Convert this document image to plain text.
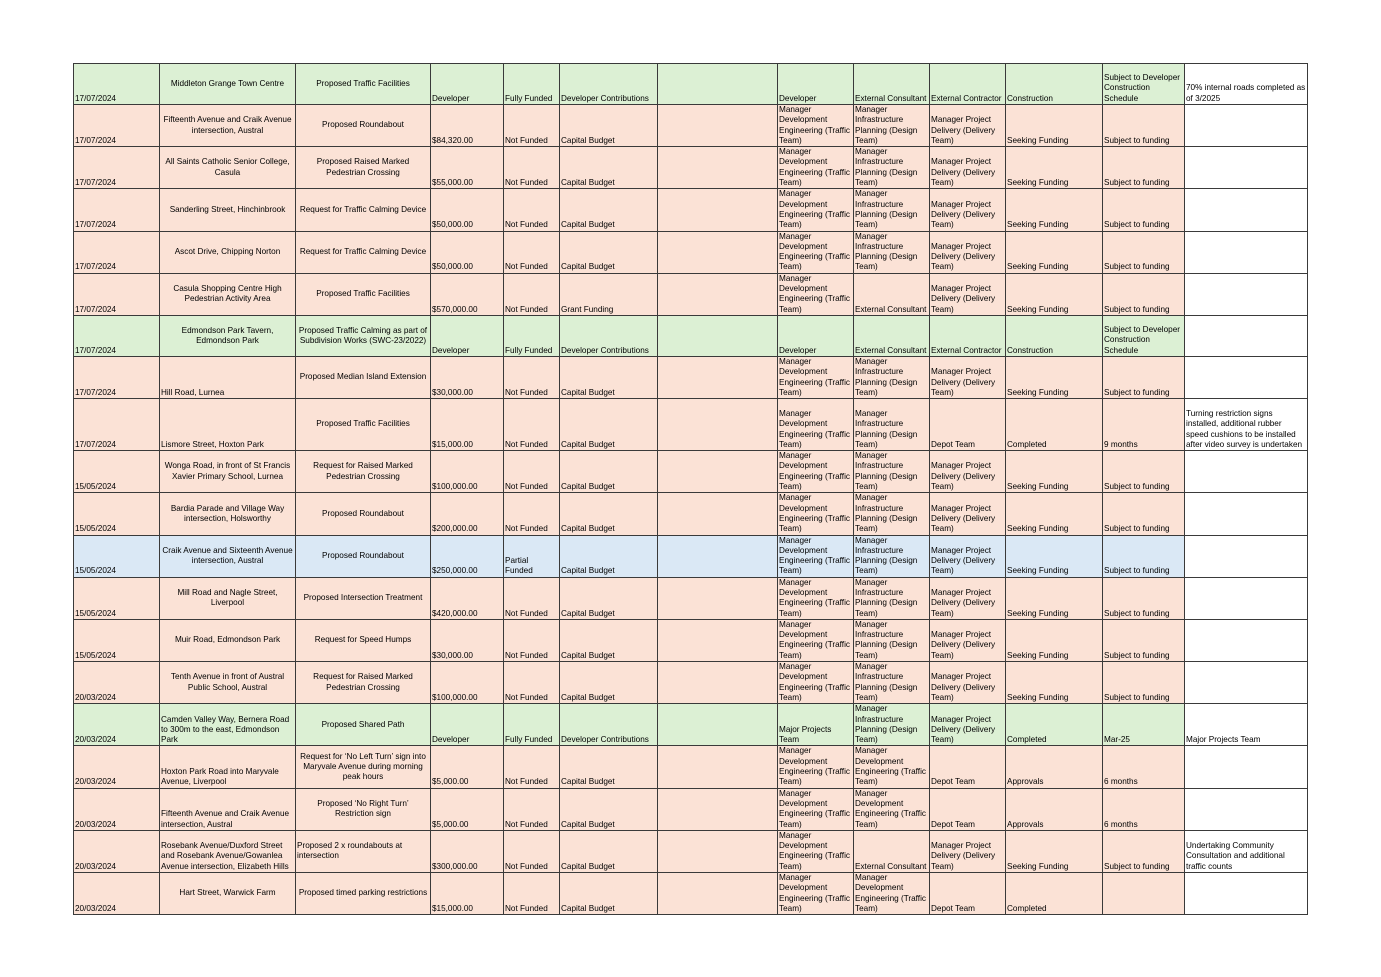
17/07/2024	Middleton Grange Town Centre	Proposed Traffic Facilities	Developer	Fully Funded	Developer Contributions		Developer	External Consultant	External Contractor	Construction	Subject to Developer Construction Schedule	70% internal roads completed as of 3/2025
17/07/2024	Fifteenth Avenue and Craik Avenue intersection, Austral	Proposed Roundabout	$84,320.00	Not Funded	Capital Budget		Manager Development Engineering (Traffic Team)	Manager Infrastructure Planning (Design Team)	Manager Project Delivery (Delivery Team)	Seeking Funding	Subject to funding	
17/07/2024	All Saints Catholic Senior College, Casula	Proposed Raised Marked Pedestrian Crossing	$55,000.00	Not Funded	Capital Budget		Manager Development Engineering (Traffic Team)	Manager Infrastructure Planning (Design Team)	Manager Project Delivery (Delivery Team)	Seeking Funding	Subject to funding	
17/07/2024	Sanderling Street, Hinchinbrook	Request for Traffic Calming Device	$50,000.00	Not Funded	Capital Budget		Manager Development Engineering (Traffic Team)	Manager Infrastructure Planning (Design Team)	Manager Project Delivery (Delivery Team)	Seeking Funding	Subject to funding	
17/07/2024	Ascot Drive, Chipping Norton	Request for Traffic Calming Device	$50,000.00	Not Funded	Capital Budget		Manager Development Engineering (Traffic Team)	Manager Infrastructure Planning (Design Team)	Manager Project Delivery (Delivery Team)	Seeking Funding	Subject to funding	
17/07/2024	Casula Shopping Centre High Pedestrian Activity Area	Proposed Traffic Facilities	$570,000.00	Not Funded	Grant Funding		Manager Development Engineering (Traffic Team)	External Consultant	Manager Project Delivery (Delivery Team)	Seeking Funding	Subject to funding	
17/07/2024	Edmondson Park Tavern, Edmondson Park	Proposed Traffic Calming as part of Subdivision Works (SWC-23/2022)	Developer	Fully Funded	Developer Contributions		Developer	External Consultant	External Contractor	Construction	Subject to Developer Construction Schedule	
17/07/2024	Hill Road, Lurnea	Proposed Median Island Extension	$30,000.00	Not Funded	Capital Budget		Manager Development Engineering (Traffic Team)	Manager Infrastructure Planning (Design Team)	Manager Project Delivery (Delivery Team)	Seeking Funding	Subject to funding	
17/07/2024	Lismore Street, Hoxton Park	Proposed Traffic Facilities	$15,000.00	Not Funded	Capital Budget		Manager Development Engineering (Traffic Team)	Manager Infrastructure Planning (Design Team)	Depot Team	Completed	9 months	Turning restriction signs installed, additional rubber speed cushions to be installed after video survey is undertaken
15/05/2024	Wonga Road, in front of St Francis Xavier Primary School, Lurnea	Request for Raised Marked Pedestrian Crossing	$100,000.00	Not Funded	Capital Budget		Manager Development Engineering (Traffic Team)	Manager Infrastructure Planning (Design Team)	Manager Project Delivery (Delivery Team)	Seeking Funding	Subject to funding	
15/05/2024	Bardia Parade and Village Way intersection, Holsworthy	Proposed Roundabout	$200,000.00	Not Funded	Capital Budget		Manager Development Engineering (Traffic Team)	Manager Infrastructure Planning (Design Team)	Manager Project Delivery (Delivery Team)	Seeking Funding	Subject to funding	
15/05/2024	Craik Avenue and Sixteenth Avenue intersection, Austral	Proposed Roundabout	$250,000.00	Partial Funded	Capital Budget		Manager Development Engineering (Traffic Team)	Manager Infrastructure Planning (Design Team)	Manager Project Delivery (Delivery Team)	Seeking Funding	Subject to funding	
15/05/2024	Mill Road and Nagle Street, Liverpool	Proposed Intersection Treatment	$420,000.00	Not Funded	Capital Budget		Manager Development Engineering (Traffic Team)	Manager Infrastructure Planning (Design Team)	Manager Project Delivery (Delivery Team)	Seeking Funding	Subject to funding	
15/05/2024	Muir Road, Edmondson Park	Request for Speed Humps	$30,000.00	Not Funded	Capital Budget		Manager Development Engineering (Traffic Team)	Manager Infrastructure Planning (Design Team)	Manager Project Delivery (Delivery Team)	Seeking Funding	Subject to funding	
20/03/2024	Tenth Avenue in front of Austral Public School, Austral	Request for Raised Marked Pedestrian Crossing	$100,000.00	Not Funded	Capital Budget		Manager Development Engineering (Traffic Team)	Manager Infrastructure Planning (Design Team)	Manager Project Delivery (Delivery Team)	Seeking Funding	Subject to funding	
20/03/2024	Camden Valley Way, Bernera Road to 300m to the east, Edmondson Park	Proposed Shared Path	Developer	Fully Funded	Developer Contributions		Major Projects Team	Manager Infrastructure Planning (Design Team)	Manager Project Delivery (Delivery Team)	Completed	Mar-25	Major Projects Team
20/03/2024	Hoxton Park Road into Maryvale Avenue, Liverpool	Request for ‘No Left Turn’ sign into Maryvale Avenue during morning peak hours	$5,000.00	Not Funded	Capital Budget		Manager Development Engineering (Traffic Team)	Manager Development Engineering (Traffic Team)	Depot Team	Approvals	6 months	
20/03/2024	Fifteenth Avenue and Craik Avenue intersection, Austral	Proposed ‘No Right Turn’ Restriction sign	$5,000.00	Not Funded	Capital Budget		Manager Development Engineering (Traffic Team)	Manager Development Engineering (Traffic Team)	Depot Team	Approvals	6 months	
20/03/2024	Rosebank Avenue/Duxford Street and Rosebank Avenue/Gowanlea Avenue intersection, Elizabeth Hills	Proposed 2 x roundabouts at intersection	$300,000.00	Not Funded	Capital Budget		Manager Development Engineering (Traffic Team)	External Consultant	Manager Project Delivery (Delivery Team)	Seeking Funding	Subject to funding	Undertaking Community Consultation and additional traffic counts
20/03/2024	Hart Street, Warwick Farm	Proposed timed parking restrictions	$15,000.00	Not Funded	Capital Budget		Manager Development Engineering (Traffic Team)	Manager Development Engineering (Traffic Team)	Depot Team	Completed		
